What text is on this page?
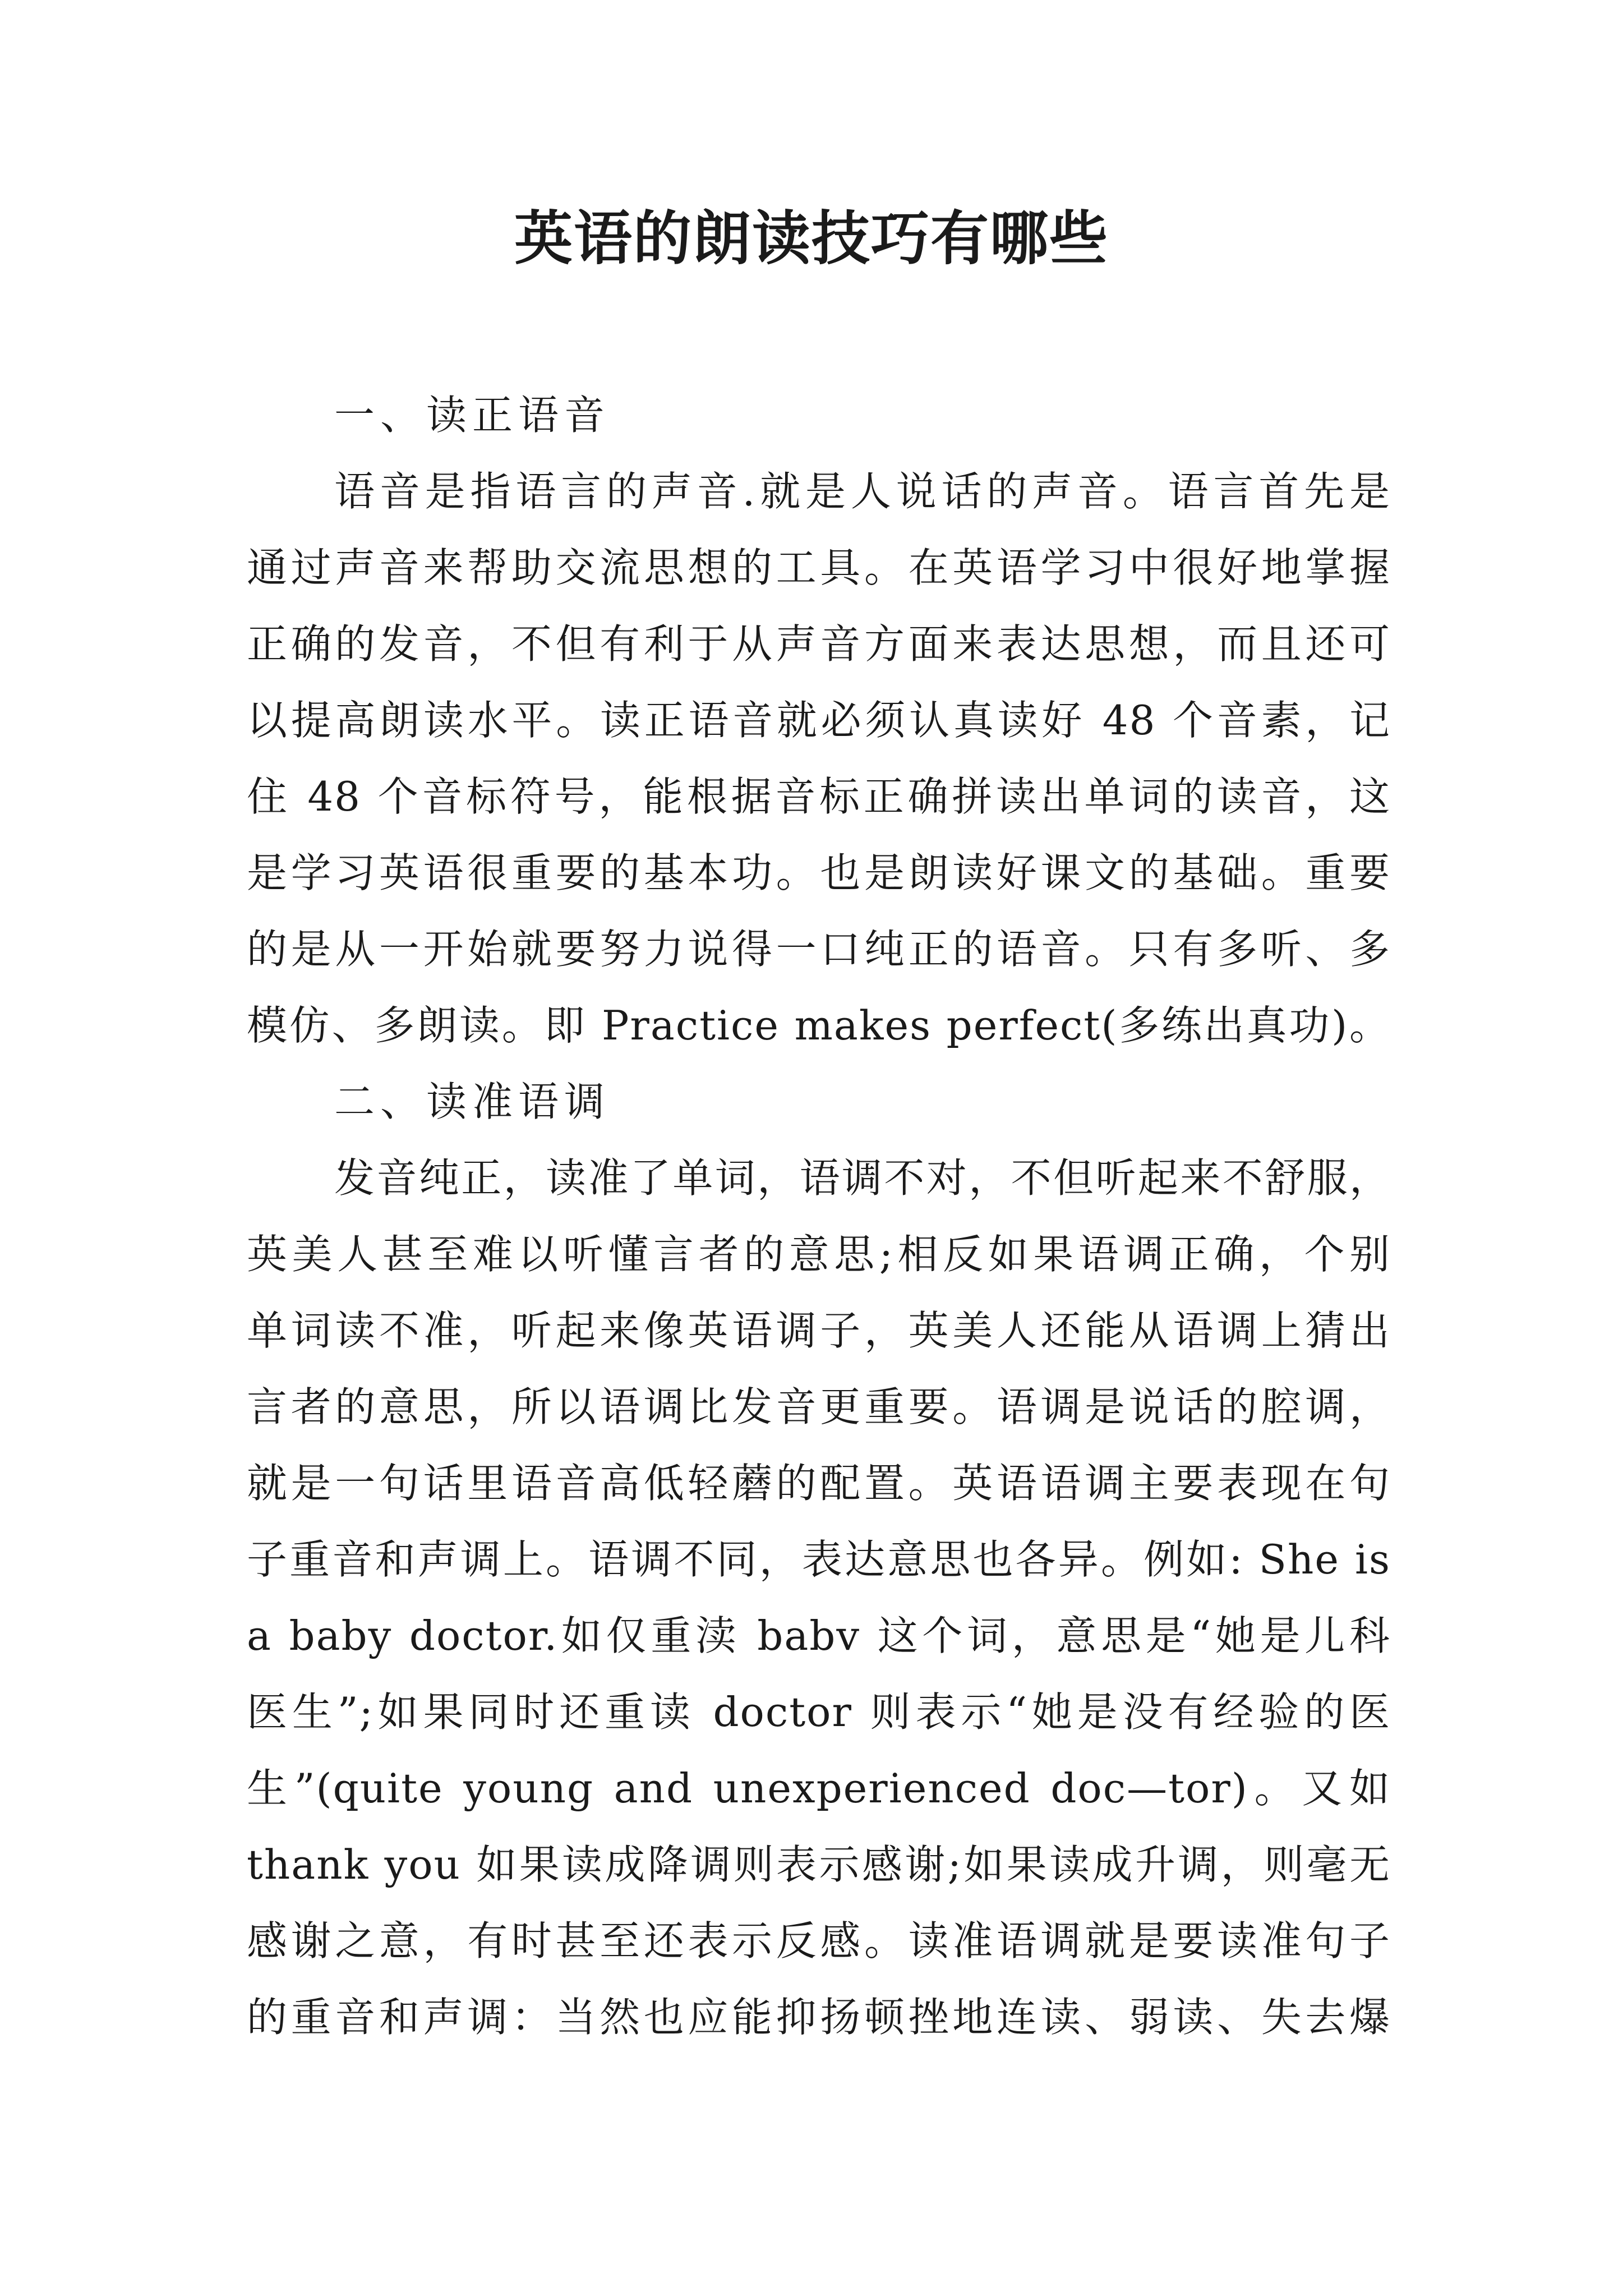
英语的朗读技巧有哪些
一、读正语音
语音是指语言的声音.就是人说话的声音。语言首先是
通过声音来帮助交流思想的工具。在英语学习中很好地掌握
正确的发音，不但有利于从声音方面来表达思想，而且还可
以提高朗读水平。读正语音就必须认真读好 48 个音素，记
住 48 个音标符号，能根据音标正确拼读出单词的读音，这
是学习英语很重要的基本功。也是朗读好课文的基础。重要
的是从一开始就要努力说得一口纯正的语音。只有多听、多
模仿、多朗读。即 Practice makes perfect(多练出真功)。
二、读准语调
发音纯正，读准了单词，语调不对，不但听起来不舒服，
英美人甚至难以听懂言者的意思;相反如果语调正确，个别
单词读不准，听起来像英语调子，英美人还能从语调上猜出
言者的意思，所以语调比发音更重要。语调是说话的腔调，
就是一句话里语音高低轻蘑的配置。英语语调主要表现在句
子重音和声调上。语调不同，表达意思也各异。例如: She is
a baby doctor.如仅重渎 babv 这个词，意思是“她是儿科
医生”;如果同时还重读 doctor 则表示“她是没有经验的医
生”(quite young and unexperienced doc—tor)。又如
thank you 如果读成降调则表示感谢;如果读成升调，则毫无
感谢之意，有时甚至还表示反感。读准语调就是要读准句子
的重音和声调：当然也应能抑扬顿挫地连读、弱读、失去爆
